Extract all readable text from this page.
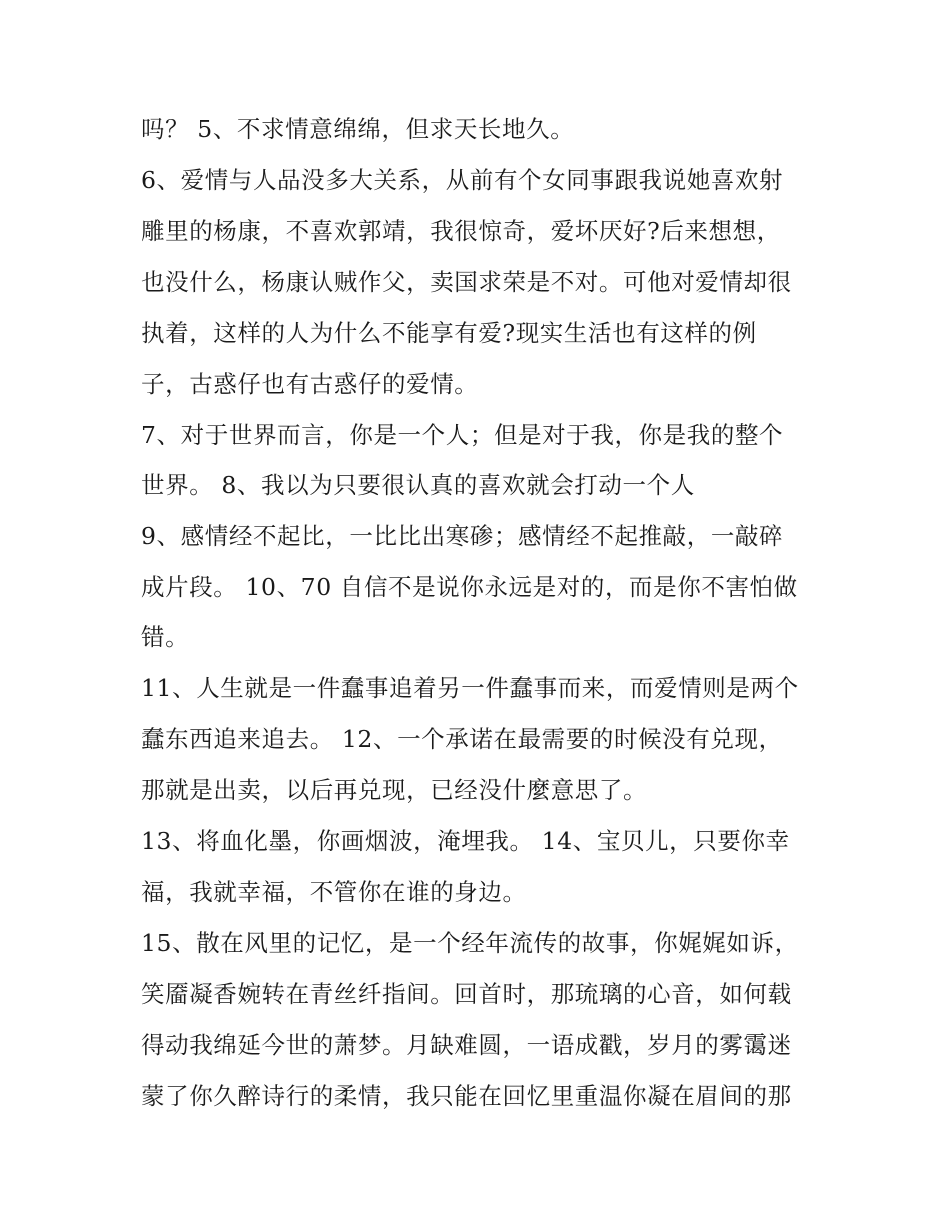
吗？ 5、不求情意绵绵，但求天长地久。
6、爱情与人品没多大关系，从前有个女同事跟我说她喜欢射
雕里的杨康，不喜欢郭靖，我很惊奇，爱坏厌好?后来想想，
也没什么，杨康认贼作父，卖国求荣是不对。可他对爱情却很
执着，这样的人为什么不能享有爱?现实生活也有这样的例
子，古惑仔也有古惑仔的爱情。
7、对于世界而言，你是一个人；但是对于我，你是我的整个
世界。 8、我以为只要很认真的喜欢就会打动一个人
9、感情经不起比，一比比出寒碜；感情经不起推敲，一敲碎
成片段。 10、70 自信不是说你永远是对的，而是你不害怕做
错。
11、人生就是一件蠢事追着另一件蠢事而来，而爱情则是两个
蠢东西追来追去。 12、一个承诺在最需要的时候没有兑现，
那就是出卖，以后再兑现，已经没什麼意思了。
13、将血化墨，你画烟波，淹埋我。 14、宝贝儿，只要你幸
福，我就幸福，不管你在谁的身边。
15、散在风里的记忆，是一个经年流传的故事，你娓娓如诉，
笑靥凝香婉转在青丝纤指间。回首时，那琉璃的心音，如何载
得动我绵延今世的萧梦。月缺难圆，一语成戳，岁月的雾霭迷
蒙了你久醉诗行的柔情，我只能在回忆里重温你凝在眉间的那
